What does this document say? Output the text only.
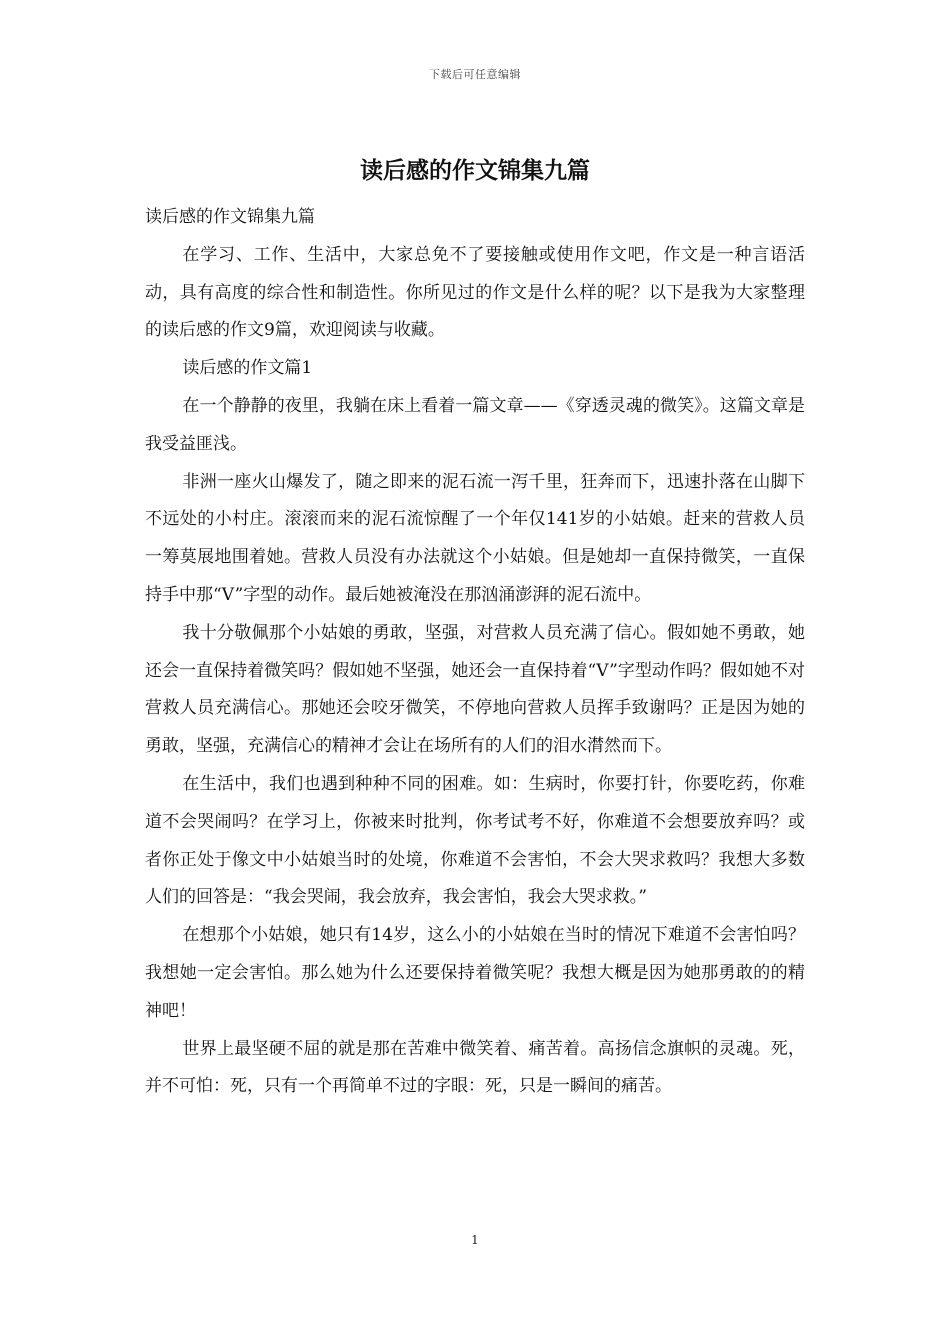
下载后可任意编辑
读后感的作文锦集九篇

读后感的作文锦集九篇

在学习、工作、生活中，大家总免不了要接触或使用作文吧，作文是一种言语活动，具有高度的综合性和制造性。你所见过的作文是什么样的呢？以下是我为大家整理的读后感的作文9篇，欢迎阅读与收藏。

读后感的作文篇1

在一个静静的夜里，我躺在床上看着一篇文章——《穿透灵魂的微笑》。这篇文章是我受益匪浅。

非洲一座火山爆发了，随之即来的泥石流一泻千里，狂奔而下，迅速扑落在山脚下不远处的小村庄。滚滚而来的泥石流惊醒了一个年仅141岁的小姑娘。赶来的营救人员一筹莫展地围着她。营救人员没有办法就这个小姑娘。但是她却一直保持微笑，一直保持手中那“V”字型的动作。最后她被淹没在那汹涌澎湃的泥石流中。

我十分敬佩那个小姑娘的勇敢，坚强，对营救人员充满了信心。假如她不勇敢，她还会一直保持着微笑吗？假如她不坚强，她还会一直保持着“V”字型动作吗？假如她不对营救人员充满信心。那她还会咬牙微笑，不停地向营救人员挥手致谢吗？正是因为她的勇敢，坚强，充满信心的精神才会让在场所有的人们的泪水潸然而下。

在生活中，我们也遇到种种不同的困难。如：生病时，你要打针，你要吃药，你难道不会哭闹吗？在学习上，你被来时批判，你考试考不好，你难道不会想要放弃吗？或者你正处于像文中小姑娘当时的处境，你难道不会害怕，不会大哭求救吗？我想大多数人们的回答是：“我会哭闹，我会放弃，我会害怕，我会大哭求救。”

在想那个小姑娘，她只有14岁，这么小的小姑娘在当时的情况下难道不会害怕吗？我想她一定会害怕。那么她为什么还要保持着微笑呢？我想大概是因为她那勇敢的的精神吧！

世界上最坚硬不屈的就是那在苦难中微笑着、痛苦着。高扬信念旗帜的灵魂。死，并不可怕：死，只有一个再简单不过的字眼：死，只是一瞬间的痛苦。

1
